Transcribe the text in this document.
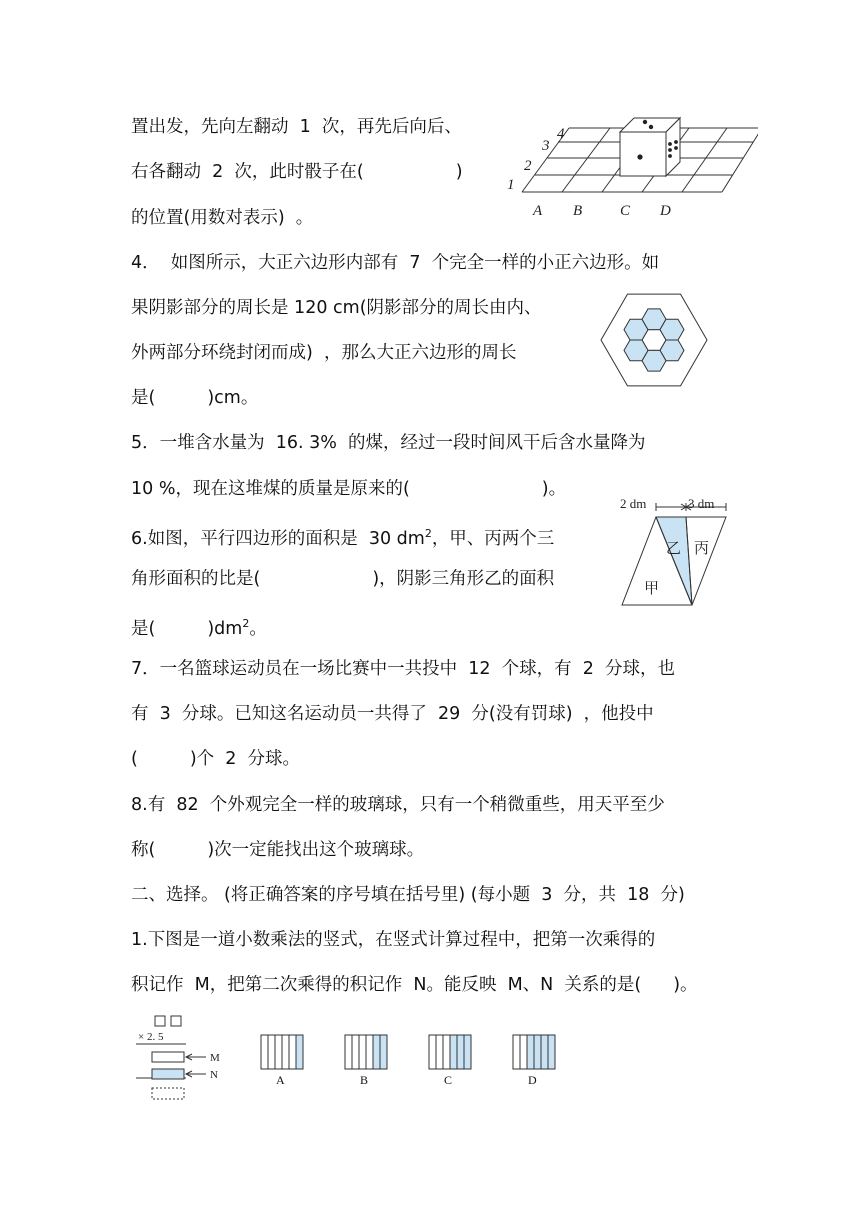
置出发，先向左翻动  1  次，再先后向后、
右各翻动  2  次，此时骰子在(	)
的位置(用数对表示)  。
1
2
3
4
A B	C D
4．  如图所示，大正六边形内部有  7  个完全一样的小正六边形。如
果阴影部分的周长是 120 cm(阴影部分的周长由内、
外两部分环绕封闭而成)  ，那么大正六边形的周长
是(	)cm。
5．一堆含水量为  16. 3%  的煤，经过一段时间风干后含水量降为
10 %，现在这堆煤的质量是原来的(	)。
6.如图，平行四边形的面积是  30 $dm^2$，甲、丙两个三
角形面积的比是(	)，阴影三角形乙的面积
是(	)$dm^2$。
2 dm	3 dm
乙 丙
甲
7．一名篮球运动员在一场比赛中一共投中  12  个球，有  2  分球，也
有  3  分球。已知这名运动员一共得了  29  分(没有罚球)  ，他投中
(	)个  2  分球。
8.有  82  个外观完全一样的玻璃球，只有一个稍微重些，用天平至少
称(	)次一定能找出这个玻璃球。
二、选择。 (将正确答案的序号填在括号里) (每小题  3  分，共  18  分)
1.下图是一道小数乘法的竖式，在竖式计算过程中，把第一次乘得的
积记作  M，把第二次乘得的积记作  N。能反映  M、N  关系的是( )。
× 2. 5
M
N	A	B	C	D
